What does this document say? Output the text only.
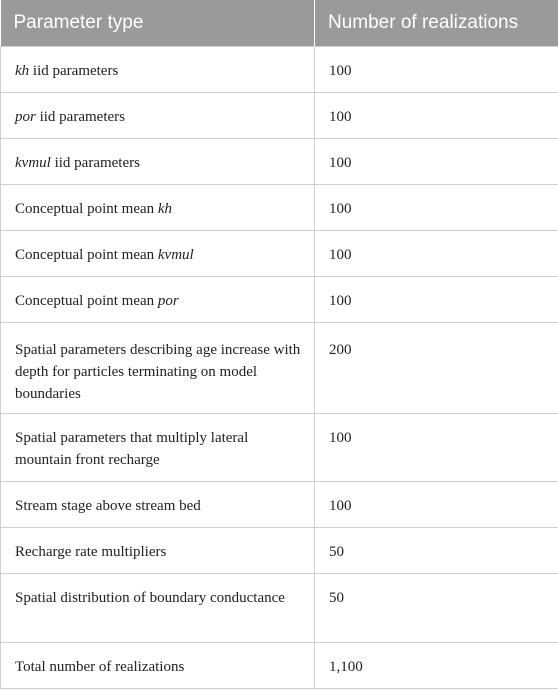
Parameter type	Number of realizations
kh iid parameters	100
por iid parameters	100
kvmul iid parameters	100
Conceptual point mean kh	100
Conceptual point mean kvmul	100
Conceptual point mean por	100
Spatial parameters describing age increase with depth for particles terminating on model boundaries	200
Spatial parameters that multiply lateral mountain front recharge	100
Stream stage above stream bed	100
Recharge rate multipliers	50
Spatial distribution of boundary conductance	50
Total number of realizations	1,100
